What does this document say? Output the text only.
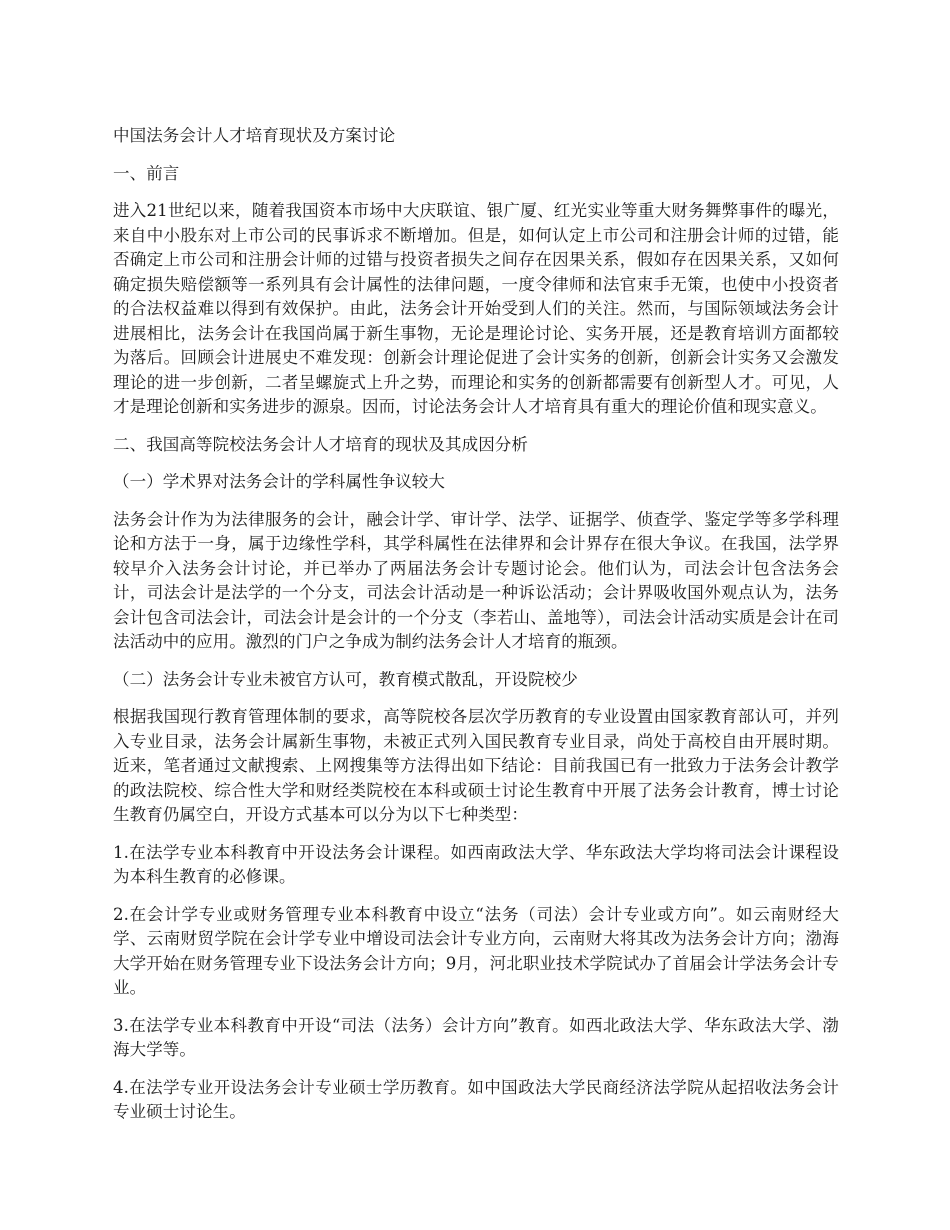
中国法务会计人才培育现状及方案讨论

一、前言

进入21世纪以来，随着我国资本市场中大庆联谊、银广厦、红光实业等重大财务舞弊事件的曝光，来自中小股东对上市公司的民事诉求不断增加。但是，如何认定上市公司和注册会计师的过错，能否确定上市公司和注册会计师的过错与投资者损失之间存在因果关系，假如存在因果关系，又如何确定损失赔偿额等一系列具有会计属性的法律问题，一度令律师和法官束手无策，也使中小投资者的合法权益难以得到有效保护。由此，法务会计开始受到人们的关注。然而，与国际领域法务会计进展相比，法务会计在我国尚属于新生事物，无论是理论讨论、实务开展，还是教育培训方面都较为落后。回顾会计进展史不难发现：创新会计理论促进了会计实务的创新，创新会计实务又会激发理论的进一步创新，二者呈螺旋式上升之势，而理论和实务的创新都需要有创新型人才。可见，人才是理论创新和实务进步的源泉。因而，讨论法务会计人才培育具有重大的理论价值和现实意义。

二、我国高等院校法务会计人才培育的现状及其成因分析

（一）学术界对法务会计的学科属性争议较大

法务会计作为为法律服务的会计，融会计学、审计学、法学、证据学、侦查学、鉴定学等多学科理论和方法于一身，属于边缘性学科，其学科属性在法律界和会计界存在很大争议。在我国，法学界较早介入法务会计讨论，并已举办了两届法务会计专题讨论会。他们认为，司法会计包含法务会计，司法会计是法学的一个分支，司法会计活动是一种诉讼活动；会计界吸收国外观点认为，法务会计包含司法会计，司法会计是会计的一个分支（李若山、盖地等），司法会计活动实质是会计在司法活动中的应用。激烈的门户之争成为制约法务会计人才培育的瓶颈。

（二）法务会计专业未被官方认可，教育模式散乱，开设院校少

根据我国现行教育管理体制的要求，高等院校各层次学历教育的专业设置由国家教育部认可，并列入专业目录，法务会计属新生事物，未被正式列入国民教育专业目录，尚处于高校自由开展时期。近来，笔者通过文献搜索、上网搜集等方法得出如下结论：目前我国已有一批致力于法务会计教学的政法院校、综合性大学和财经类院校在本科或硕士讨论生教育中开展了法务会计教育，博士讨论生教育仍属空白，开设方式基本可以分为以下七种类型：

1.在法学专业本科教育中开设法务会计课程。如西南政法大学、华东政法大学均将司法会计课程设为本科生教育的必修课。

2.在会计学专业或财务管理专业本科教育中设立“法务（司法）会计专业或方向”。如云南财经大学、云南财贸学院在会计学专业中增设司法会计专业方向，云南财大将其改为法务会计方向；渤海大学开始在财务管理专业下设法务会计方向；9月，河北职业技术学院试办了首届会计学法务会计专业。

3.在法学专业本科教育中开设“司法（法务）会计方向”教育。如西北政法大学、华东政法大学、渤海大学等。

4.在法学专业开设法务会计专业硕士学历教育。如中国政法大学民商经济法学院从起招收法务会计专业硕士讨论生。
